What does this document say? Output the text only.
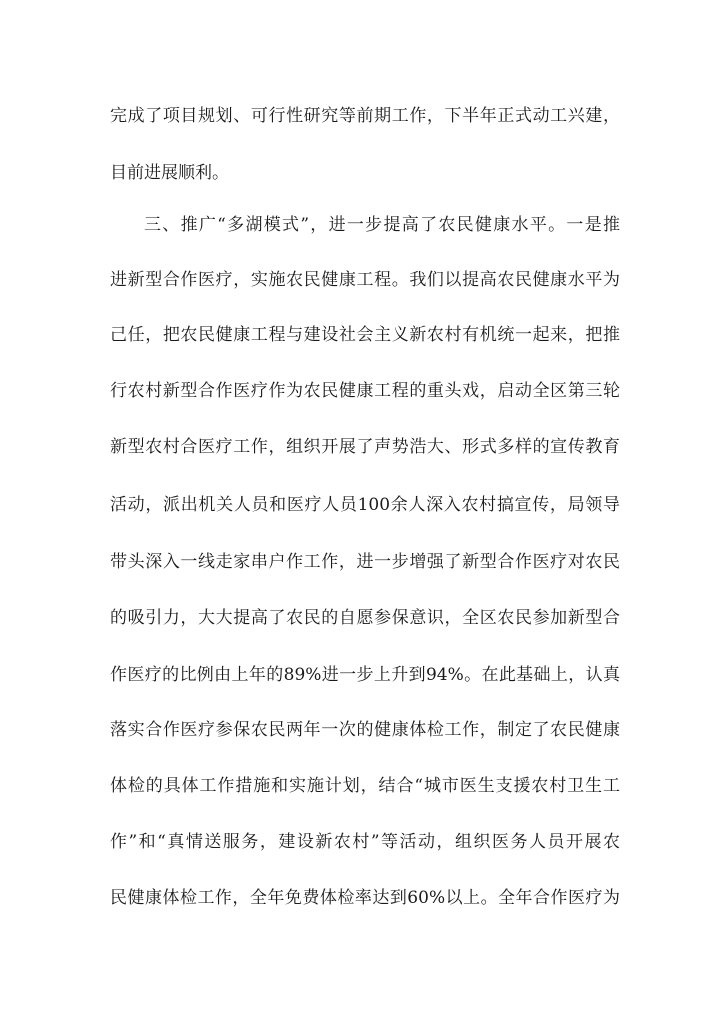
完成了项目规划、可行性研究等前期工作，下半年正式动工兴建，
目前进展顺利。
三、推广“多湖模式”，进一步提高了农民健康水平。一是推
进新型合作医疗，实施农民健康工程。我们以提高农民健康水平为
己任，把农民健康工程与建设社会主义新农村有机统一起来，把推
行农村新型合作医疗作为农民健康工程的重头戏，启动全区第三轮
新型农村合医疗工作，组织开展了声势浩大、形式多样的宣传教育
活动，派出机关人员和医疗人员100余人深入农村搞宣传，局领导
带头深入一线走家串户作工作，进一步增强了新型合作医疗对农民
的吸引力，大大提高了农民的自愿参保意识，全区农民参加新型合
作医疗的比例由上年的89%进一步上升到94%。在此基础上，认真
落实合作医疗参保农民两年一次的健康体检工作，制定了农民健康
体检的具体工作措施和实施计划，结合“城市医生支援农村卫生工
作”和“真情送服务，建设新农村”等活动，组织医务人员开展农
民健康体检工作，全年免费体检率达到60%以上。全年合作医疗为
